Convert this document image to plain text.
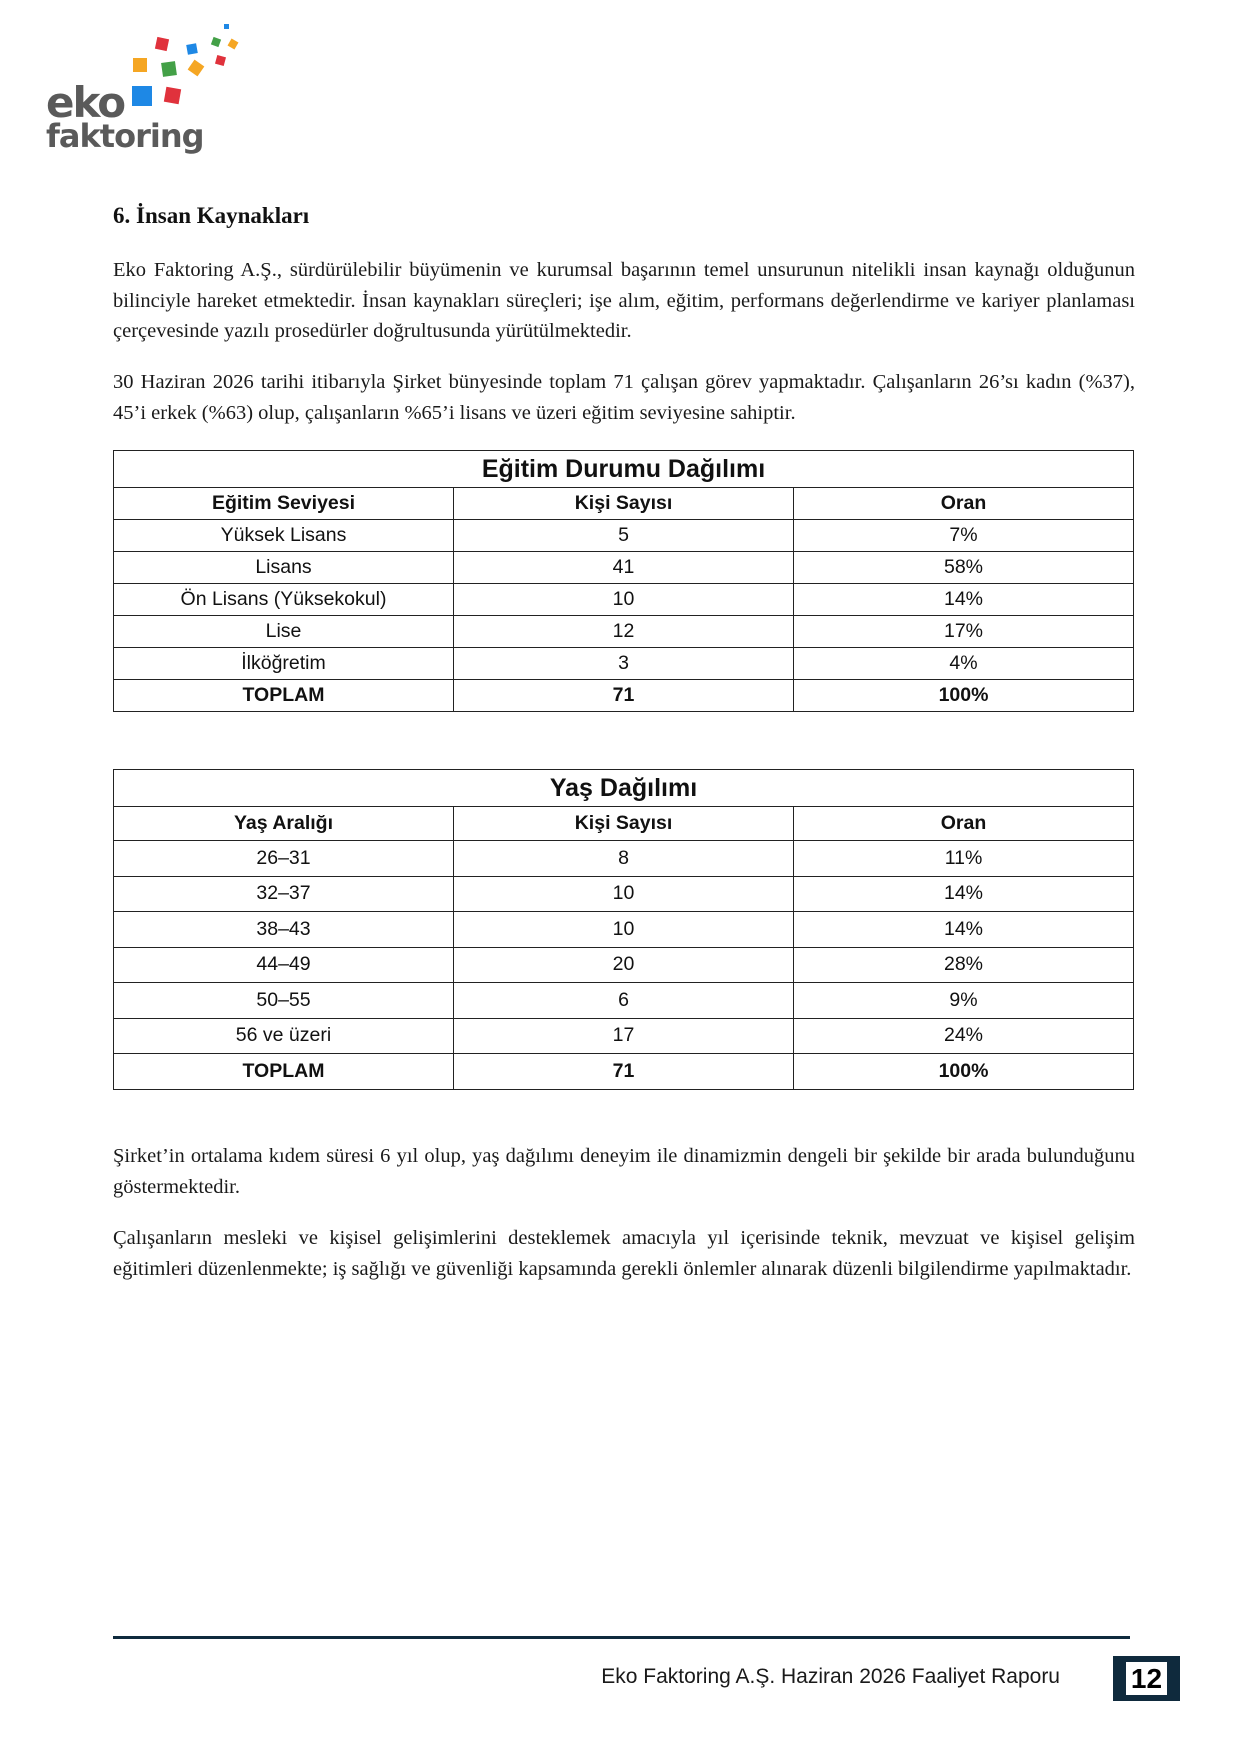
eko
faktoring
6. İnsan Kaynakları

Eko Faktoring A.Ş., sürdürülebilir büyümenin ve kurumsal başarının temel unsurunun nitelikli insan kaynağı olduğunun bilinciyle hareket etmektedir. İnsan kaynakları süreçleri; işe alım, eğitim, performans değerlendirme ve kariyer planlaması çerçevesinde yazılı prosedürler doğrultusunda yürütülmektedir.

30 Haziran 2026 tarihi itibarıyla Şirket bünyesinde toplam 71 çalışan görev yapmaktadır. Çalışanların 26’sı kadın (%37), 45’i erkek (%63) olup, çalışanların %65’i lisans ve üzeri eğitim seviyesine sahiptir.

Eğitim Durumu Dağılımı		
Eğitim Seviyesi	Kişi Sayısı	Oran
Yüksek Lisans	5	7%
Lisans	41	58%
Ön Lisans (Yüksekokul)	10	14%
Lise	12	17%
İlköğretim	3	4%
TOPLAM	71	100%
Yaş Dağılımı		
Yaş Aralığı	Kişi Sayısı	Oran
26–31	8	11%
32–37	10	14%
38–43	10	14%
44–49	20	28%
50–55	6	9%
56 ve üzeri	17	24%
TOPLAM	71	100%

Şirket’in ortalama kıdem süresi 6 yıl olup, yaş dağılımı deneyim ile dinamizmin dengeli bir şekilde bir arada bulunduğunu göstermektedir.

Çalışanların mesleki ve kişisel gelişimlerini desteklemek amacıyla yıl içerisinde teknik, mevzuat ve kişisel gelişim eğitimleri düzenlenmekte; iş sağlığı ve güvenliği kapsamında gerekli önlemler alınarak düzenli bilgilendirme yapılmaktadır.

Eko Faktoring A.Ş. Haziran 2026 Faaliyet Raporu	12
